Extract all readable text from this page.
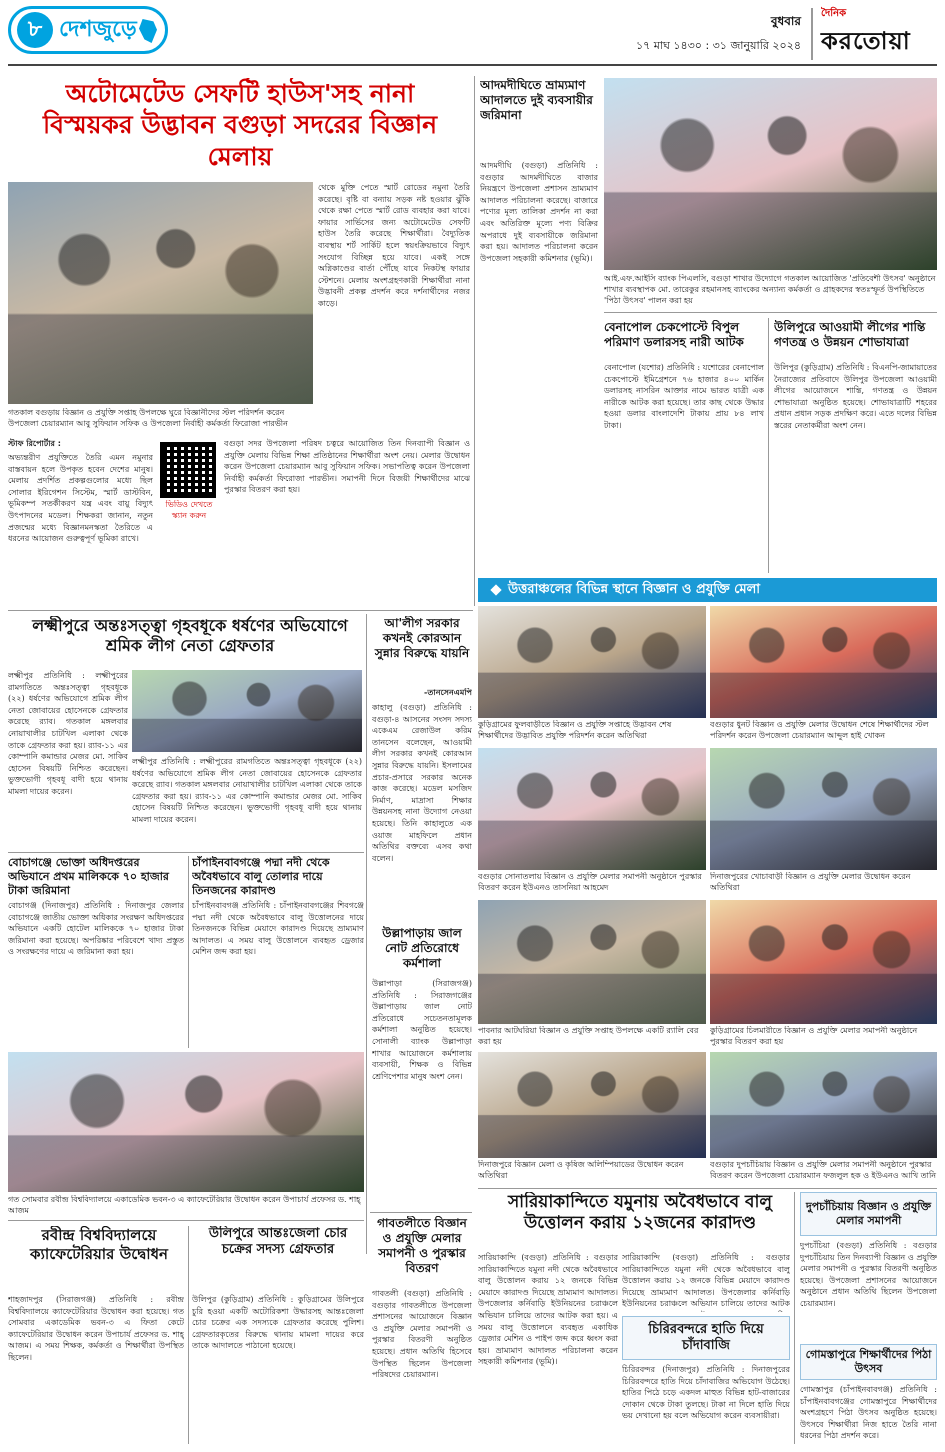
৮ দেশজুড়ে	বুধবার
১৭ মাঘ ১৪৩০ : ৩১ জানুয়ারি ২০২৪
দৈনিক
করতোয়া
অটোমেটেড সেফটি হাউস'সহ নানা বিস্ময়কর উদ্ভাবন বগুড়া সদরের বিজ্ঞান মেলায়
গতকাল বগুড়ায় বিজ্ঞান ও প্রযুক্তি সপ্তাহ উপলক্ষে ঘুরে বিজ্ঞানীদের স্টল পরিদর্শন করেন উপজেলা চেয়ারম্যান আবু সুফিয়ান সফিক ও উপজেলা নির্বাহী কর্মকর্তা ফিরোজা পারভীন
থেকে মুক্তি পেতে স্মার্ট রোডের নমুনা তৈরি করেছে। বৃষ্টি বা বন্যায় সড়ক নষ্ট হওয়ার ঝুঁকি থেকে রক্ষা পেতে স্মার্ট রোড ব্যবহার করা যাবে। ফায়ার সার্ভিসের জন্য অটোমেটেড সেফটি হাউস তৈরি করেছে শিক্ষার্থীরা। বৈদ্যুতিক ব্যবস্থায় শর্ট সার্কিট হলে স্বয়ংক্রিয়ভাবে বিদ্যুৎ সংযোগ বিচ্ছিন্ন হয়ে যাবে। একই সঙ্গে অগ্নিকাণ্ডের বার্তা পৌঁছে যাবে নিকটস্থ ফায়ার স্টেশনে। মেলায় অংশগ্রহণকারী শিক্ষার্থীরা নানা উদ্ভাবনী প্রকল্প প্রদর্শন করে দর্শনার্থীদের নজর কাড়ে।
স্টাফ রিপোর্টার :
অভ্যন্তরীণ প্রযুক্তিতে তৈরি এমন নমুনার বাস্তবায়ন হলে উপকৃত হবেন দেশের মানুষ। মেলায় প্রদর্শিত প্রকল্পগুলোর মধ্যে ছিল সোলার ইরিগেশন সিস্টেম, স্মার্ট ডাস্টবিন, ভূমিকম্প সতর্কীকরণ যন্ত্র এবং বায়ু বিদ্যুৎ উৎপাদনের মডেল। শিক্ষকরা জানান, নতুন প্রজন্মের মধ্যে বিজ্ঞানমনস্কতা তৈরিতে এ ধরনের আয়োজন গুরুত্বপূর্ণ ভূমিকা রাখে।
ভিডিও দেখতে স্ক্যান করুন
বগুড়া সদর উপজেলা পরিষদ চত্বরে আয়োজিত তিন দিনব্যাপী বিজ্ঞান ও প্রযুক্তি মেলায় বিভিন্ন শিক্ষা প্রতিষ্ঠানের শিক্ষার্থীরা অংশ নেয়। মেলার উদ্বোধন করেন উপজেলা চেয়ারম্যান আবু সুফিয়ান সফিক। সভাপতিত্ব করেন উপজেলা নির্বাহী কর্মকর্তা ফিরোজা পারভীন। সমাপনী দিনে বিজয়ী শিক্ষার্থীদের মাঝে পুরস্কার বিতরণ করা হয়।
আদমদীঘিতে ভ্রাম্যমাণ আদালতে দুই ব্যবসায়ীর জরিমানা
আদমদীঘি (বগুড়া) প্রতিনিধি : বগুড়ার আদমদীঘিতে বাজার নিয়ন্ত্রণে উপজেলা প্রশাসন ভ্রাম্যমাণ আদালত পরিচালনা করেছে। বাজারে পণ্যের মূল্য তালিকা প্রদর্শন না করা এবং অতিরিক্ত মূল্যে পণ্য বিক্রির অপরাধে দুই ব্যবসায়ীকে জরিমানা করা হয়। আদালত পরিচালনা করেন উপজেলা সহকারী কমিশনার (ভূমি)।
আই.এফ.আইসি ব্যাংক পিএলসি, বগুড়া শাখার উদ্যোগে গতকাল আয়োজিত 'প্রতিবেশী উৎসব' অনুষ্ঠানে শাখার ব্যবস্থাপক মো. তারেকুর রহমানসহ ব্যাংকের অন্যান্য কর্মকর্তা ও গ্রাহকদের স্বতঃস্ফূর্ত উপস্থিতিতে 'পিঠা উৎসব' পালন করা হয়
বেনাপোল চেকপোস্টে বিপুল পরিমাণ ডলারসহ নারী আটক
বেনাপোল (যশোর) প্রতিনিধি : যশোরের বেনাপোল চেকপোস্টে ইমিগ্রেশনে ৭৬ হাজার ৪০০ মার্কিন ডলারসহ নাসরিন আক্তার নামে ভারত যাত্রী এক নারীকে আটক করা হয়েছে। তার কাছ থেকে উদ্ধার হওয়া ডলার বাংলাদেশি টাকায় প্রায় ৮৪ লাখ টাকা।
উলিপুরে আওয়ামী লীগের শান্তি গণতন্ত্র ও উন্নয়ন শোভাযাত্রা
উলিপুর (কুড়িগ্রাম) প্রতিনিধি : বিএনপি-জামায়াতের নৈরাজ্যের প্রতিবাদে উলিপুর উপজেলা আওয়ামী লীগের আয়োজনে শান্তি, গণতন্ত্র ও উন্নয়ন শোভাযাত্রা অনুষ্ঠিত হয়েছে। শোভাযাত্রাটি শহরের প্রধান প্রধান সড়ক প্রদক্ষিণ করে। এতে দলের বিভিন্ন স্তরের নেতাকর্মীরা অংশ নেন।
উত্তরাঞ্চলের বিভিন্ন স্থানে বিজ্ঞান ও প্রযুক্তি মেলা
কুড়িগ্রামের ফুলবাড়ীতে বিজ্ঞান ও প্রযুক্তি সপ্তাহে উদ্ভাবন শেষ শিক্ষার্থীদের উদ্ভাবিত প্রযুক্তি পরিদর্শন করেন অতিথিরা
বগুড়ার ধুনট বিজ্ঞান ও প্রযুক্তি মেলার উদ্বোধন শেষে শিক্ষার্থীদের স্টল পরিদর্শন করেন উপজেলা চেয়ারম্যান আব্দুল হাই খোকন
বগুড়ার সোনাতলায় বিজ্ঞান ও প্রযুক্তি মেলার সমাপনী অনুষ্ঠানে পুরস্কার বিতরণ করেন ইউএনও তাসনিয়া আহমেদ
দিনাজপুরের খোচাবাড়ী বিজ্ঞান ও প্রযুক্তি মেলার উদ্বোধন করেন অতিথিরা
পাবনার আটঘরিয়া বিজ্ঞান ও প্রযুক্তি সপ্তাহ উপলক্ষে একটি র‌্যালি বের করা হয়
কুড়িগ্রামের চিলমারীতে বিজ্ঞান ও প্রযুক্তি মেলার সমাপনী অনুষ্ঠানে পুরস্কার বিতরণ করা হয়
দিনাজপুরে বিজ্ঞান মেলা ও কৃষিজ অলিম্পিয়াডের উদ্বোধন করেন অতিথিরা
বগুড়ার দুপচাঁচিয়ায় বিজ্ঞান ও প্রযুক্তি মেলার সমাপনী অনুষ্ঠানে পুরস্কার বিতরণ করেন উপজেলা চেয়ারম্যান ফজলুল হক ও ইউএনও আখি তানি
লক্ষ্মীপুরে অন্তঃসত্ত্বা গৃহবধূকে ধর্ষণের অভিযোগে শ্রমিক লীগ নেতা গ্রেফতার
লক্ষ্মীপুর প্রতিনিধি : লক্ষ্মীপুরের রামগতিতে অন্তঃসত্ত্বা গৃহবধূকে (২২) ধর্ষণের অভিযোগে শ্রমিক লীগ নেতা জোবায়ের হোসেনকে গ্রেফতার করেছে র‌্যাব। গতকাল মঙ্গলবার নোয়াখালীর চাটখিল এলাকা থেকে তাকে গ্রেফতার করা হয়। র‌্যাব-১১ এর কোম্পানি কমান্ডার মেজর মো. সাকিব হোসেন বিষয়টি নিশ্চিত করেছেন। ভুক্তভোগী গৃহবধূ বাদী হয়ে থানায় মামলা দায়ের করেন।
লক্ষ্মীপুর প্রতিনিধি : লক্ষ্মীপুরের রামগতিতে অন্তঃসত্ত্বা গৃহবধূকে (২২) ধর্ষণের অভিযোগে শ্রমিক লীগ নেতা জোবায়ের হোসেনকে গ্রেফতার করেছে র‌্যাব। গতকাল মঙ্গলবার নোয়াখালীর চাটখিল এলাকা থেকে তাকে গ্রেফতার করা হয়। র‌্যাব-১১ এর কোম্পানি কমান্ডার মেজর মো. সাকিব হোসেন বিষয়টি নিশ্চিত করেছেন। ভুক্তভোগী গৃহবধূ বাদী হয়ে থানায় মামলা দায়ের করেন।
আ'লীগ সরকার কখনই কোরআন সুন্নার বিরুদ্ধে যায়নি
-তানসেনএমপি
কাহালু (বগুড়া) প্রতিনিধি : বগুড়া-৪ আসনের সংসদ সদস্য একেএম রেজাউল করিম তানসেন বলেছেন, আওয়ামী লীগ সরকার কখনই কোরআন সুন্নার বিরুদ্ধে যায়নি। ইসলামের প্রচার-প্রসারে সরকার অনেক কাজ করেছে। মডেল মসজিদ নির্মাণ, মাদ্রাসা শিক্ষার উন্নয়নসহ নানা উদ্যোগ নেওয়া হয়েছে। তিনি কাহালুতে এক ওয়াজ মাহফিলে প্রধান অতিথির বক্তব্যে এসব কথা বলেন।
বোচাগঞ্জে ভোক্তা অধিদপ্তরের অভিযানে প্রথম মালিককে ৭০ হাজার টাকা জরিমানা
বোচাগঞ্জ (দিনাজপুর) প্রতিনিধি : দিনাজপুর জেলার বোচাগঞ্জে জাতীয় ভোক্তা অধিকার সংরক্ষণ অধিদপ্তরের অভিযানে একটি হোটেল মালিককে ৭০ হাজার টাকা জরিমানা করা হয়েছে। অপরিষ্কার পরিবেশে খাদ্য প্রস্তুত ও সংরক্ষণের দায়ে এ জরিমানা করা হয়।
চাঁপাইনবাবগঞ্জে পদ্মা নদী থেকে অবৈধভাবে বালু তোলার দায়ে তিনজনের কারাদণ্ড
চাঁপাইনবাবগঞ্জ প্রতিনিধি : চাঁপাইনবাবগঞ্জের শিবগঞ্জে পদ্মা নদী থেকে অবৈধভাবে বালু উত্তোলনের দায়ে তিনজনকে বিভিন্ন মেয়াদে কারাদণ্ড দিয়েছে ভ্রাম্যমাণ আদালত। এ সময় বালু উত্তোলনে ব্যবহৃত ড্রেজার মেশিন জব্দ করা হয়।
উল্লাপাড়ায় জাল নোট প্রতিরোধে কর্মশালা
উল্লাপাড়া (সিরাজগঞ্জ) প্রতিনিধি : সিরাজগঞ্জের উল্লাপাড়ায় জাল নোট প্রতিরোধে সচেতনতামূলক কর্মশালা অনুষ্ঠিত হয়েছে। সোনালী ব্যাংক উল্লাপাড়া শাখার আয়োজনে কর্মশালায় ব্যবসায়ী, শিক্ষক ও বিভিন্ন শ্রেণিপেশার মানুষ অংশ নেন।
গত সোমবার রবীন্দ্র বিশ্ববিদ্যালয়ে একাডেমিক ভবন-৩ এ ক্যাফেটেরিয়ার উদ্বোধন করেন উপাচার্য প্রফেসর ড. শাহ্ আজম
রবীন্দ্র বিশ্ববিদ্যালয়ে ক্যাফেটেরিয়ার উদ্বোধন
শাহজাদপুর (সিরাজগঞ্জ) প্রতিনিধি : রবীন্দ্র বিশ্ববিদ্যালয়ে ক্যাফেটেরিয়ার উদ্বোধন করা হয়েছে। গত সোমবার একাডেমিক ভবন-৩ এ ফিতা কেটে ক্যাফেটেরিয়ার উদ্বোধন করেন উপাচার্য প্রফেসর ড. শাহ্ আজম। এ সময় শিক্ষক, কর্মকর্তা ও শিক্ষার্থীরা উপস্থিত ছিলেন।
উলিপুরে আন্তঃজেলা চোর চক্রের সদস্য গ্রেফতার
উলিপুর (কুড়িগ্রাম) প্রতিনিধি : কুড়িগ্রামের উলিপুরে চুরি হওয়া একটি অটোরিকশা উদ্ধারসহ আন্তঃজেলা চোর চক্রের এক সদস্যকে গ্রেফতার করেছে পুলিশ। গ্রেফতারকৃতের বিরুদ্ধে থানায় মামলা দায়ের করে তাকে আদালতে পাঠানো হয়েছে।
গাবতলীতে বিজ্ঞান ও প্রযুক্তি মেলার সমাপনী ও পুরস্কার বিতরণ
গাবতলী (বগুড়া) প্রতিনিধি : বগুড়ার গাবতলীতে উপজেলা প্রশাসনের আয়োজনে বিজ্ঞান ও প্রযুক্তি মেলার সমাপনী ও পুরস্কার বিতরণী অনুষ্ঠিত হয়েছে। প্রধান অতিথি হিসেবে উপস্থিত ছিলেন উপজেলা পরিষদের চেয়ারম্যান।
সারিয়াকান্দিতে যমুনায় অবৈধভাবে বালু উত্তোলন করায় ১২জনের কারাদণ্ড
সারিয়াকান্দি (বগুড়া) প্রতিনিধি : বগুড়ার সারিয়াকান্দিতে যমুনা নদী থেকে অবৈধভাবে বালু উত্তোলন করায় ১২ জনকে বিভিন্ন মেয়াদে কারাদণ্ড দিয়েছে ভ্রাম্যমাণ আদালত। উপজেলার কর্নিবাড়ি ইউনিয়নের চরাঞ্চলে অভিযান চালিয়ে তাদের আটক করা হয়। এ সময় বালু উত্তোলনে ব্যবহৃত একাধিক ড্রেজার মেশিন ও পাইপ জব্দ করে ধ্বংস করা হয়। ভ্রাম্যমাণ আদালত পরিচালনা করেন সহকারী কমিশনার (ভূমি)।
সারিয়াকান্দি (বগুড়া) প্রতিনিধি : বগুড়ার সারিয়াকান্দিতে যমুনা নদী থেকে অবৈধভাবে বালু উত্তোলন করায় ১২ জনকে বিভিন্ন মেয়াদে কারাদণ্ড দিয়েছে ভ্রাম্যমাণ আদালত। উপজেলার কর্নিবাড়ি ইউনিয়নের চরাঞ্চলে অভিযান চালিয়ে তাদের আটক
চিরিরবন্দরে হাতি দিয়ে চাঁদাবাজি
চিরিরবন্দর (দিনাজপুর) প্রতিনিধি : দিনাজপুরের চিরিরবন্দরে হাতি দিয়ে চাঁদাবাজির অভিযোগ উঠেছে। হাতির পিঠে চড়ে একদল মাহুত বিভিন্ন হাট-বাজারের দোকান থেকে টাকা তুলছে। টাকা না দিলে হাতি দিয়ে ভয় দেখানো হয় বলে অভিযোগ করেন ব্যবসায়ীরা।
দুপচাঁচিয়ায় বিজ্ঞান ও প্রযুক্তি মেলার সমাপনী
দুপচাঁচিয়া (বগুড়া) প্রতিনিধি : বগুড়ার দুপচাঁচিয়ায় তিন দিনব্যাপী বিজ্ঞান ও প্রযুক্তি মেলার সমাপনী ও পুরস্কার বিতরণী অনুষ্ঠিত হয়েছে। উপজেলা প্রশাসনের আয়োজনে অনুষ্ঠানে প্রধান অতিথি ছিলেন উপজেলা চেয়ারম্যান।
গোমস্তাপুরে শিক্ষার্থীদের পিঠা উৎসব
গোমস্তাপুর (চাঁপাইনবাবগঞ্জ) প্রতিনিধি : চাঁপাইনবাবগঞ্জের গোমস্তাপুরে শিক্ষার্থীদের অংশগ্রহণে পিঠা উৎসব অনুষ্ঠিত হয়েছে। উৎসবে শিক্ষার্থীরা নিজ হাতে তৈরি নানা ধরনের পিঠা প্রদর্শন করে।
